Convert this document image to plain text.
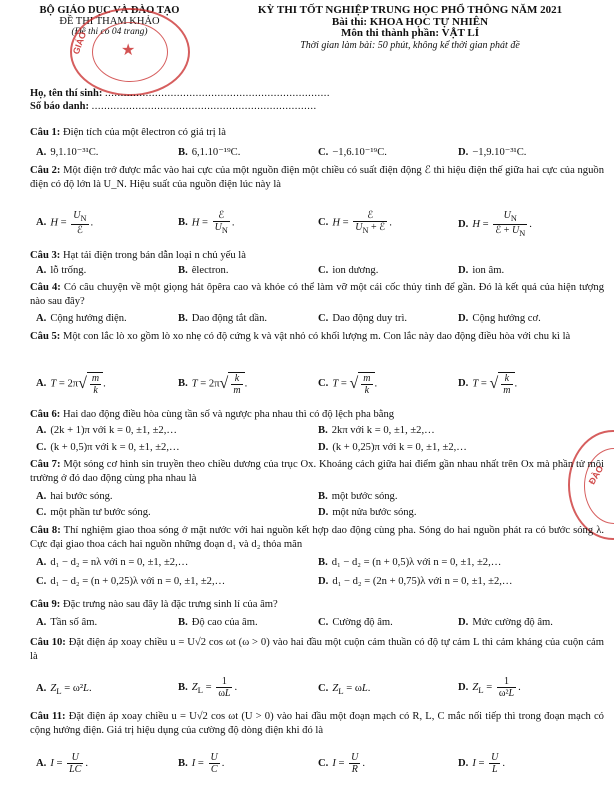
BỘ GIÁO DỤC VÀ ĐÀO TẠO
ĐỀ THI THAM KHẢO
(Đề thi có 04 trang)
KỲ THI TỐT NGHIỆP TRUNG HỌC PHỔ THÔNG NĂM 2021
Bài thi: KHOA HỌC TỰ NHIÊN
Môn thi thành phần: VẬT LÍ
Thời gian làm bài: 50 phút, không kể thời gian phát đề
★
GIÁO
ĐÀO
Họ, tên thí sinh: ........................................................................
Số báo danh: ........................................................................
Câu 1: Điện tích của một êlectron có giá trị là
A. 9,1.10⁻³¹C.	B. 6,1.10⁻¹⁹C.	C. −1,6.10⁻¹⁹C.	D. −1,9.10⁻³¹C.
Câu 2: Một điện trở được mắc vào hai cực của một nguồn điện một chiều có suất điện động ℰ thì hiệu điện thế giữa hai cực của nguồn điện có độ lớn là U_N. Hiệu suất của nguồn điện lúc này là
A. $H = \frac{U_N}{\text{ℰ}}$ .	B. $H = \frac{\text{ℰ}}{U_N}$ .	C. $H = \frac{\text{ℰ}}{U_N + ℰ}$ .	D. $H = \frac{U_N}{ℰ + U_N}$ .
Câu 3: Hạt tải điện trong bán dẫn loại n chủ yếu là
A. lỗ trống.	B. êlectron.	C. ion dương.	D. ion âm.
Câu 4: Có câu chuyện về một giọng hát ôpêra cao và khỏe có thể làm vỡ một cái cốc thủy tinh để gần. Đó là kết quả của hiện tượng nào sau đây?
A. Cộng hưởng điện.	B. Dao động tắt dần.	C. Dao động duy trì.	D. Cộng hưởng cơ.
Câu 5: Một con lắc lò xo gồm lò xo nhẹ có độ cứng k và vật nhỏ có khối lượng m. Con lắc này dao động điều hòa với chu kì là
A. T = 2π √ $\frac{m}{k}$ .	B. T = 2π √ $\frac{k}{m}$ .	C. T = √ $\frac{m}{k}$ .	D. T = √ $\frac{k}{m}$ .
Câu 6: Hai dao động điều hòa cùng tần số và ngược pha nhau thì có độ lệch pha bằng
A. (2k + 1)π với k = 0, ±1, ±2,…	B. 2kπ với k = 0, ±1, ±2,…
C. (k + 0,5)π với k = 0, ±1, ±2,…	D. (k + 0,25)π với k = 0, ±1, ±2,…
Câu 7: Một sóng cơ hình sin truyền theo chiều dương của trục Ox. Khoảng cách giữa hai điểm gần nhau nhất trên Ox mà phần tử môi trường ở đó dao động cùng pha nhau là
A. hai bước sóng.	B. một bước sóng.
C. một phần tư bước sóng.	D. một nửa bước sóng.
Câu 8: Thí nghiệm giao thoa sóng ở mặt nước với hai nguồn kết hợp dao động cùng pha. Sóng do hai nguồn phát ra có bước sóng λ. Cực đại giao thoa cách hai nguồn những đoạn d₁ và d₂ thỏa mãn
A. d₁ − d₂ = nλ với n = 0, ±1, ±2,…	B. d₁ − d₂ = (n + 0,5)λ với n = 0, ±1, ±2,…
C. d₁ − d₂ = (n + 0,25)λ với n = 0, ±1, ±2,…	D. d₁ − d₂ = (2n + 0,75)λ với n = 0, ±1, ±2,…
Câu 9: Đặc trưng nào sau đây là đặc trưng sinh lí của âm?
A. Tần số âm.	B. Độ cao của âm.	C. Cường độ âm.	D. Mức cường độ âm.
Câu 10: Đặt điện áp xoay chiều u = U√2 cos ωt (ω > 0) vào hai đầu một cuộn cảm thuần có độ tự cảm L thì cảm kháng của cuộn cảm là
A. $Z_L = \omega^2L$.	B. $Z_L = \frac{1}{\omega L}$ .	C. $Z_L = \omega L$.	D. $Z_L = \frac{1}{\text{ω²L}}$ .
Câu 11: Đặt điện áp xoay chiều u = U√2 cos ωt (U > 0) vào hai đầu một đoạn mạch có R, L, C mắc nối tiếp thì trong đoạn mạch có cộng hưởng điện. Giá trị hiệu dụng của cường độ dòng điện khi đó là
A. $I = \frac{U}{LC}$ .	B. $I = \frac{U}{C}$ .	C. $I = \frac{U}{R}$ .	D. $I = \frac{U}{L}$ .
